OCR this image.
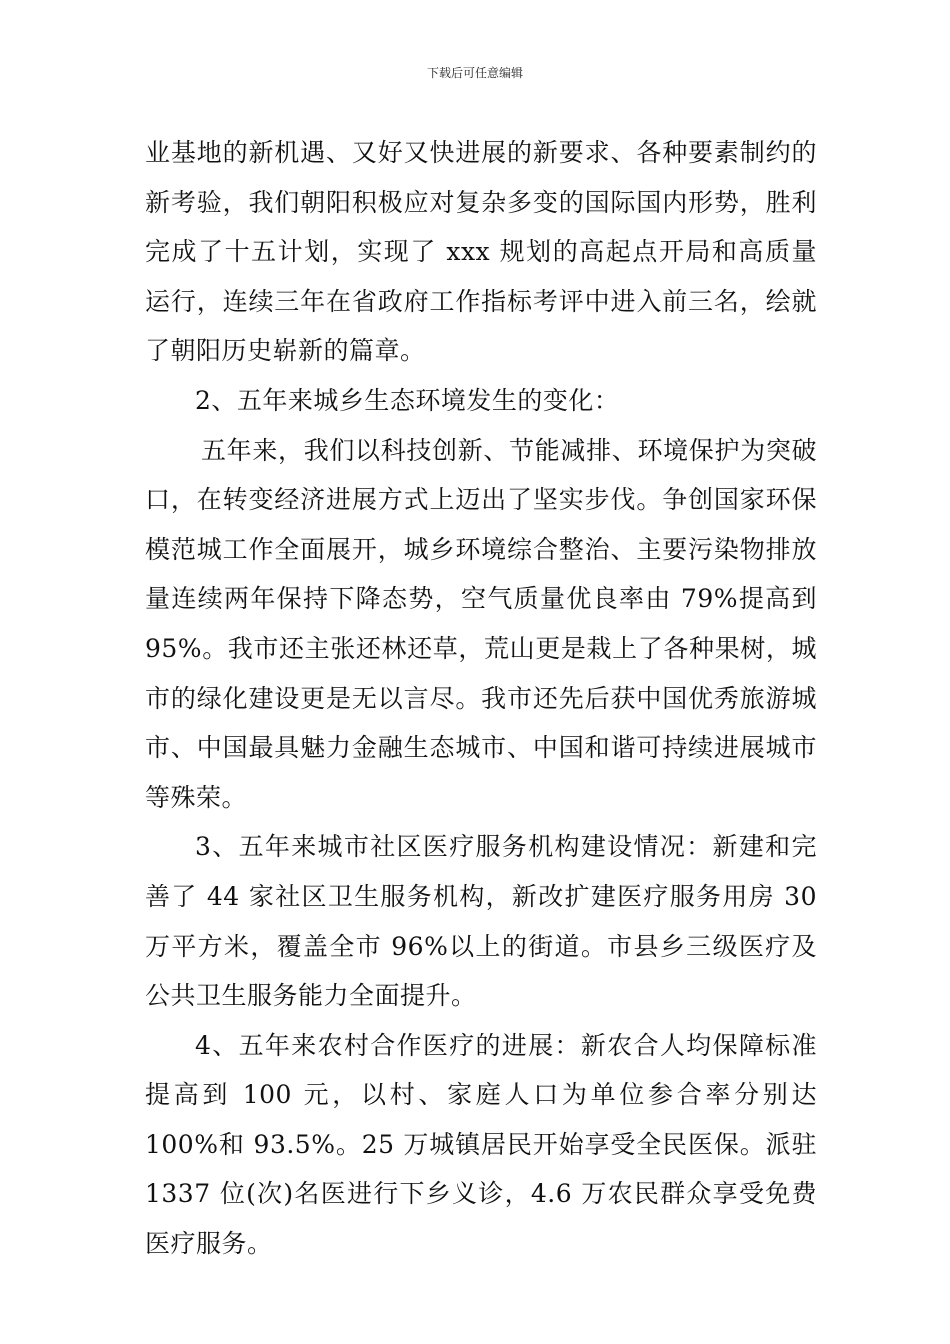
下载后可任意编辑

业基地的新机遇、又好又快进展的新要求、各种要素制约的新考验，我们朝阳积极应对复杂多变的国际国内形势，胜利完成了十五计划，实现了 xxx 规划的高起点开局和高质量运行，连续三年在省政府工作指标考评中进入前三名，绘就了朝阳历史崭新的篇章。

2、五年来城乡生态环境发生的变化：

五年来，我们以科技创新、节能减排、环境保护为突破口，在转变经济进展方式上迈出了坚实步伐。争创国家环保模范城工作全面展开，城乡环境综合整治、主要污染物排放量连续两年保持下降态势，空气质量优良率由 79%提高到 95%。我市还主张还林还草，荒山更是栽上了各种果树，城市的绿化建设更是无以言尽。我市还先后获中国优秀旅游城市、中国最具魅力金融生态城市、中国和谐可持续进展城市等殊荣。

3、五年来城市社区医疗服务机构建设情况：新建和完善了 44 家社区卫生服务机构，新改扩建医疗服务用房 30 万平方米，覆盖全市 96%以上的街道。市县乡三级医疗及公共卫生服务能力全面提升。

4、五年来农村合作医疗的进展：新农合人均保障标准提高到 100 元，以村、家庭人口为单位参合率分别达 100%和 93.5%。25 万城镇居民开始享受全民医保。派驻 1337 位(次)名医进行下乡义诊，4.6 万农民群众享受免费医疗服务。
